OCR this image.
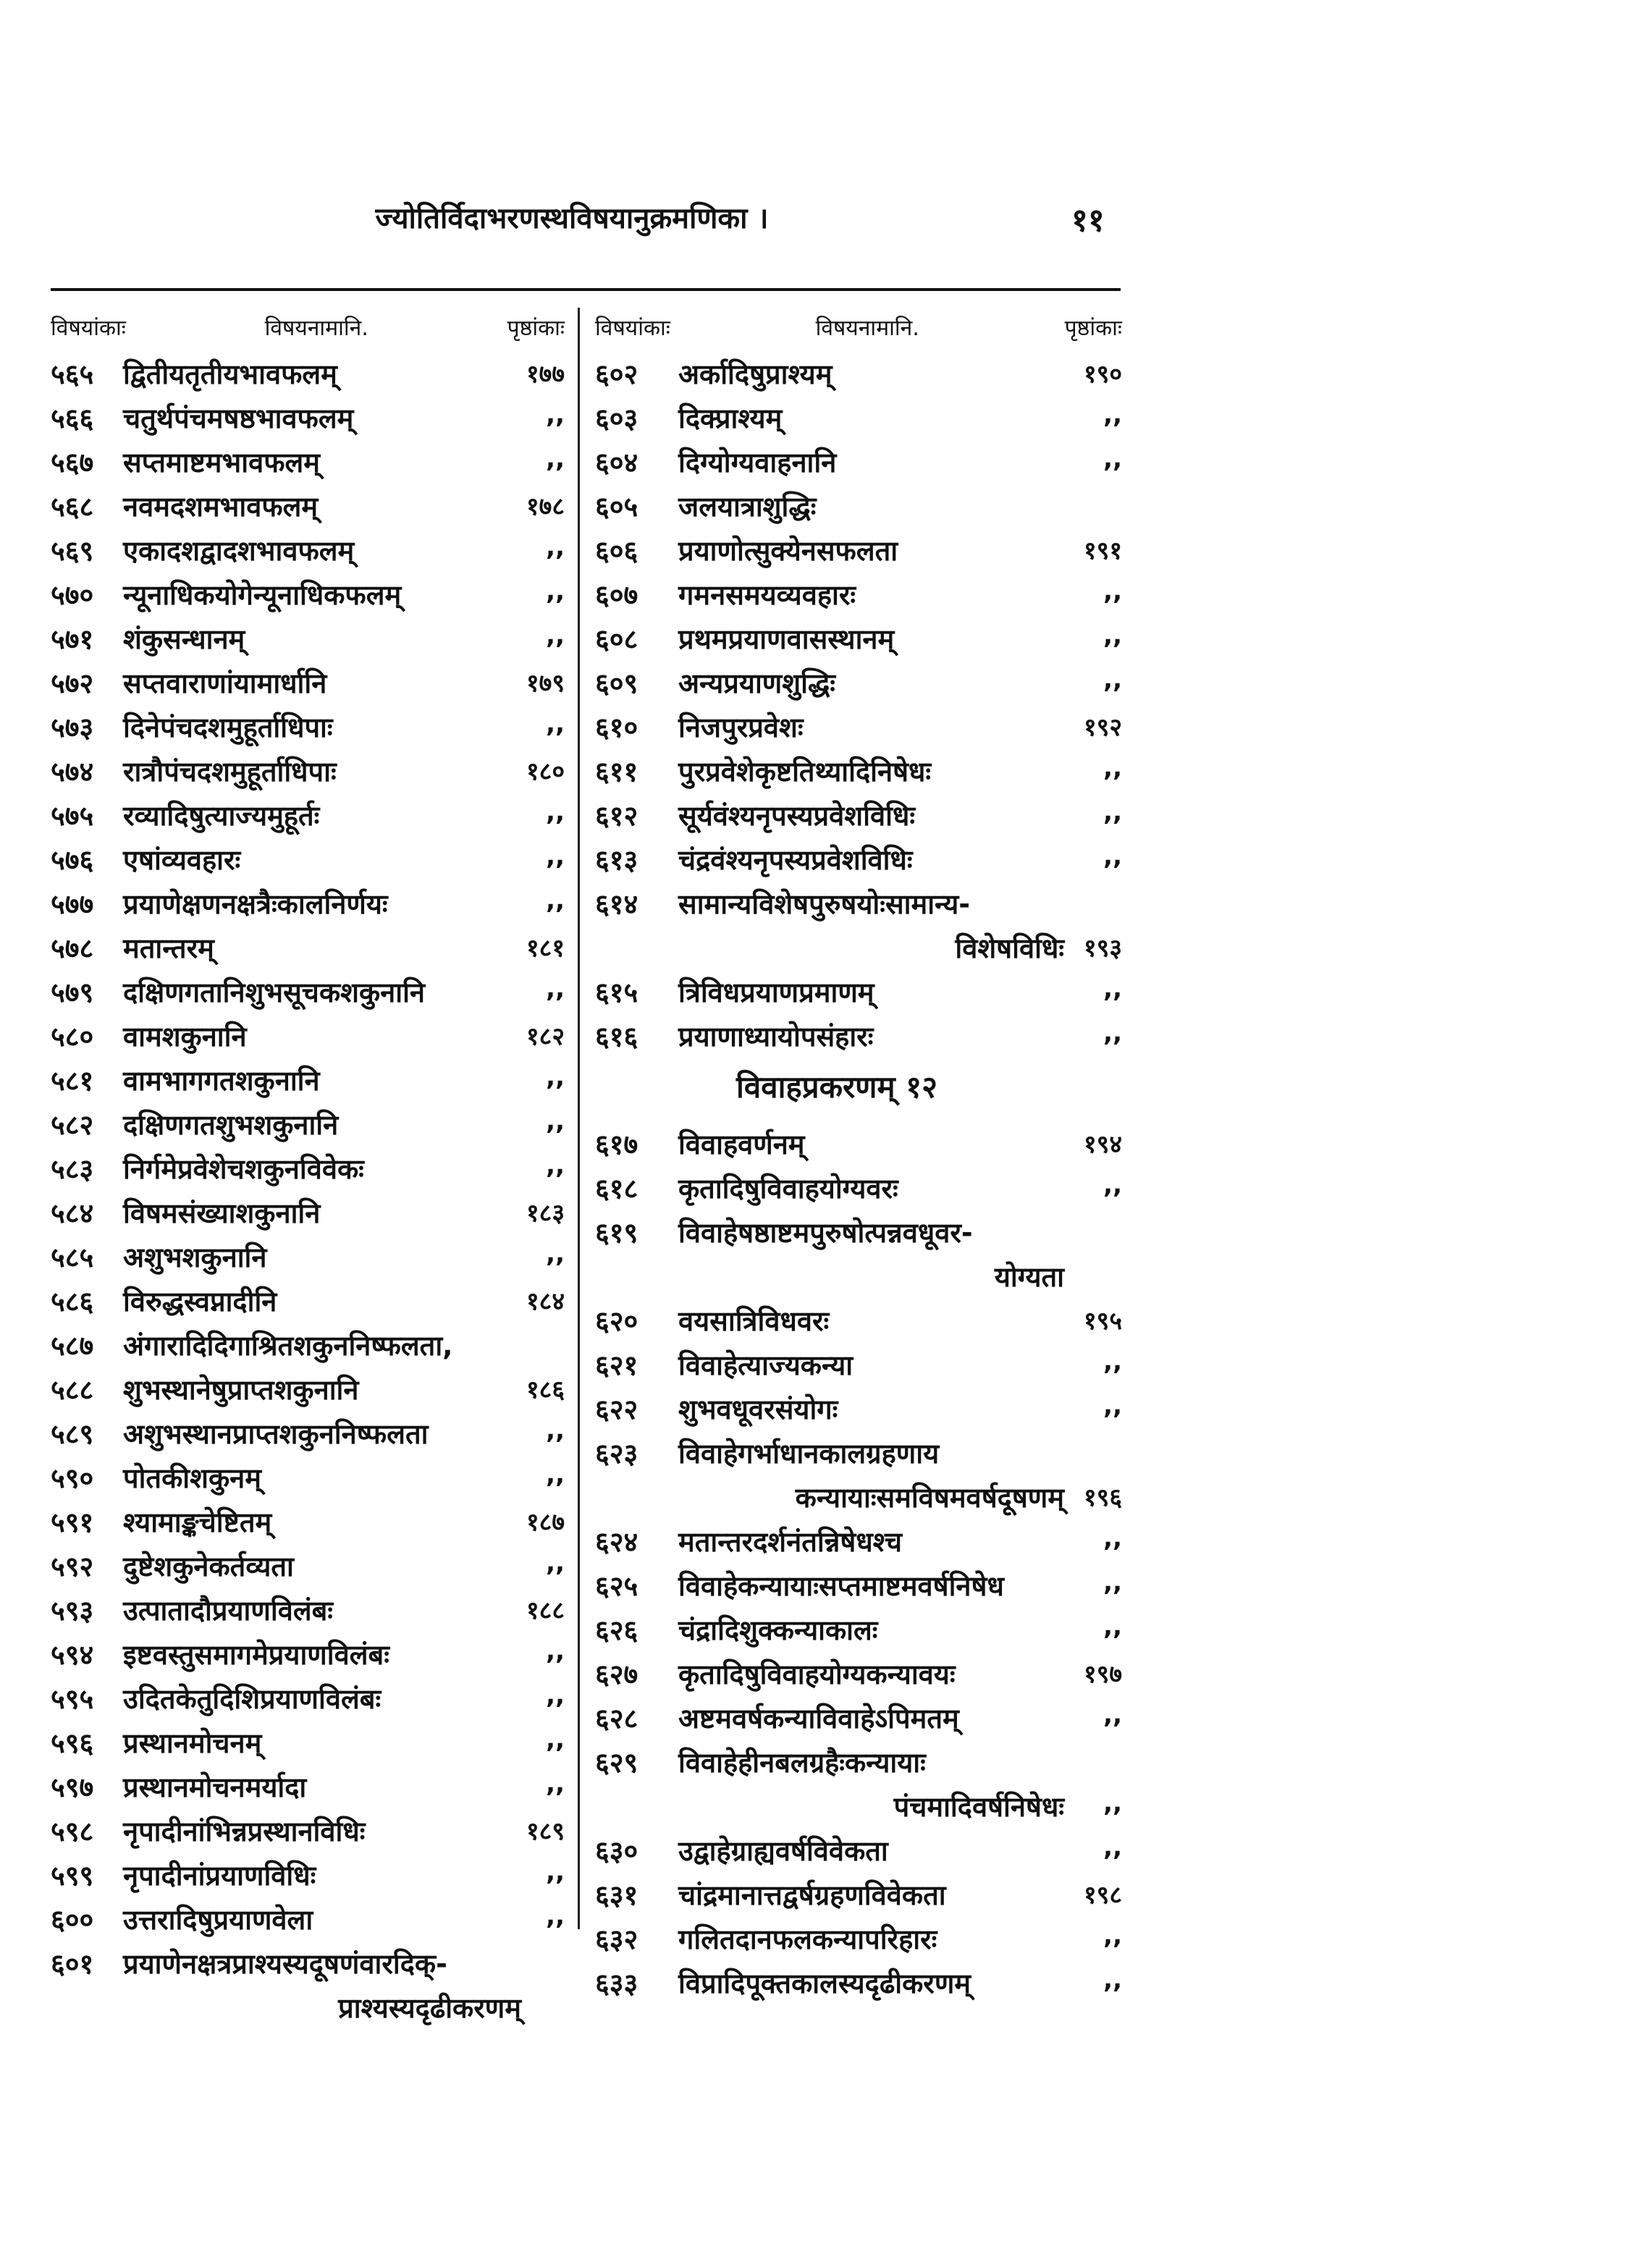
ज्योतिर्विदाभरणस्थविषयानुक्रमणिका ।	११
विषयांकाः	विषयनामानि.	पृष्ठांकाः
५६५ द्वितीयतृतीयभावफलम्	१७७
५६६ चतुर्थपंचमषष्ठभावफलम्	,,
५६७ सप्तमाष्टमभावफलम्	,,
५६८ नवमदशमभावफलम्	१७८
५६९ एकादशद्वादशभावफलम्	,,
५७० न्यूनाधिकयोगेन्यूनाधिकफलम्	,,
५७१ शंकुसन्धानम्	,,
५७२ सप्तवाराणांयामार्धानि	१७९
५७३ दिनेपंचदशमुहूर्ताधिपाः	,,
५७४ रात्रौपंचदशमुहूर्ताधिपाः	१८०
५७५ रव्यादिषुत्याज्यमुहूर्तः	,,
५७६ एषांव्यवहारः	,,
५७७ प्रयाणेक्षणनक्षत्रैःकालनिर्णयः	,,
५७८ मतान्तरम्	१८१
५७९ दक्षिणगतानिशुभसूचकशकुनानि	,,
५८० वामशकुनानि	१८२
५८१ वामभागगतशकुनानि	,,
५८२ दक्षिणगतशुभशकुनानि	,,
५८३ निर्गमेप्रवेशेचशकुनविवेकः	,,
५८४ विषमसंख्याशकुनानि	१८३
५८५ अशुभशकुनानि	,,
५८६ विरुद्धस्वप्नादीनि	१८४
५८७ अंगारादिदिगाश्रितशकुननिष्फलता,
५८८ शुभस्थानेषुप्राप्तशकुनानि	१८६
५८९ अशुभस्थानप्राप्तशकुननिष्फलता	,,
५९० पोतकीशकुनम्	,,
५९१ श्यामाङ्कचेष्टितम्	१८७
५९२ दुष्टेशकुनेकर्तव्यता	,,
५९३ उत्पातादौप्रयाणविलंबः	१८८
५९४ इष्टवस्तुसमागमेप्रयाणविलंबः	,,
५९५ उदितकेतुदिशिप्रयाणविलंबः	,,
५९६ प्रस्थानमोचनम्	,,
५९७ प्रस्थानमोचनमर्यादा	,,
५९८ नृपादीनांभिन्नप्रस्थानविधिः	१८९
५९९ नृपादीनांप्रयाणविधिः	,,
६०० उत्तरादिषुप्रयाणवेला	,,
६०१ प्रयाणेनक्षत्रप्राश्यस्यदूषणंवारदिक्-
प्राश्यस्यदृढीकरणम्
विषयांकाः	विषयनामानि.	पृष्ठांकाः
६०२ अर्कादिषुप्राश्यम्	१९०
६०३ दिक्प्राश्यम्	,,
६०४ दिग्योग्यवाहनानि	,,
६०५ जलयात्राशुद्धिः
६०६ प्रयाणोत्सुक्येनसफलता	१९१
६०७ गमनसमयव्यवहारः	,,
६०८ प्रथमप्रयाणवासस्थानम्	,,
६०९ अन्यप्रयाणशुद्धिः	,,
६१० निजपुरप्रवेशः	१९२
६११ पुरप्रवेशेकृष्टतिथ्यादिनिषेधः	,,
६१२ सूर्यवंश्यनृपस्यप्रवेशविधिः	,,
६१३ चंद्रवंश्यनृपस्यप्रवेशविधिः	,,
६१४ सामान्यविशेषपुरुषयोःसामान्य-
विशेषविधिः १९३
६१५ त्रिविधप्रयाणप्रमाणम्	,,
६१६ प्रयाणाध्यायोपसंहारः	,,
विवाहप्रकरणम् १२
६१७ विवाहवर्णनम्	१९४
६१८ कृतादिषुविवाहयोग्यवरः	,,
६१९ विवाहेषष्ठाष्टमपुरुषोत्पन्नवधूवर-
योग्यता
६२० वयसात्रिविधवरः	१९५
६२१ विवाहेत्याज्यकन्या	,,
६२२ शुभवधूवरसंयोगः	,,
६२३ विवाहेगर्भाधानकालग्रहणाय
कन्यायाःसमविषमवर्षदूषणम् १९६
६२४ मतान्तरदर्शनंतन्निषेधश्च	,,
६२५ विवाहेकन्यायाःसप्तमाष्टमवर्षनिषेध	,,
६२६ चंद्रादिशुक्कन्याकालः	,,
६२७ कृतादिषुविवाहयोग्यकन्यावयः	१९७
६२८ अष्टमवर्षकन्याविवाहेऽपिमतम्	,,
६२९ विवाहेहीनबलग्रहैःकन्यायाः
पंचमादिवर्षनिषेधः ,,
६३० उद्वाहेग्राह्यवर्षविवेकता	,,
६३१ चांद्रमानात्तद्वर्षग्रहणविवेकता	१९८
६३२ गलितदानफलकन्यापरिहारः	,,
६३३ विप्रादिपूक्तकालस्यदृढीकरणम्	,,
